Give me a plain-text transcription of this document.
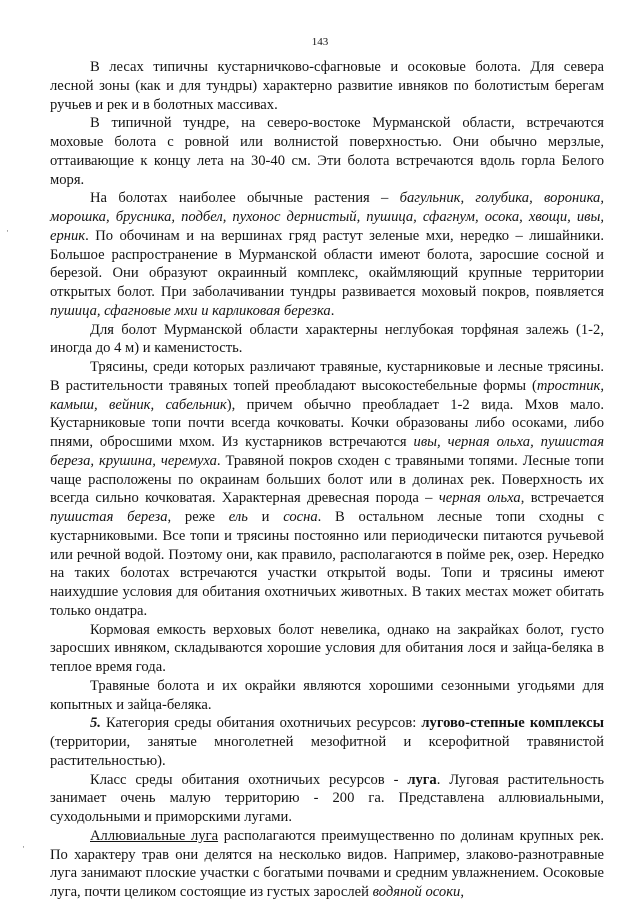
143

В лесах типичны кустарничково-сфагновые и осоковые болота. Для севера лесной зоны (как и для тундры) характерно развитие ивняков по болотистым берегам ручьев и рек и в болотных массивах.

В типичной тундре, на северо-востоке Мурманской области, встречаются моховые болота с ровной или волнистой поверхностью. Они обычно мерзлые, оттаивающие к концу лета на 30-40 см. Эти болота встречаются вдоль горла Белого моря.

На болотах наиболее обычные растения – багульник, голубика, вороника, морошка, брусника, подбел, пухонос дернистый, пушица, сфагнум, осока, хвощи, ивы, ерник. По обочинам и на вершинах гряд растут зеленые мхи, нередко – лишайники. Большое распространение в Мурманской области имеют болота, заросшие сосной и березой. Они образуют окраинный комплекс, окаймляющий крупные территории открытых болот. При заболачивании тундры развивается моховый покров, появляется пушица, сфагновые мхи и карликовая березка.

Для болот Мурманской области характерны неглубокая торфяная залежь (1-2, иногда до 4 м) и каменистость.

Трясины, среди которых различают травяные, кустарниковые и лесные трясины. В растительности травяных топей преобладают высокостебельные формы (тростник, камыш, вейник, сабельник), причем обычно преобладает 1-2 вида. Мхов мало. Кустарниковые топи почти всегда кочковаты. Кочки образованы либо осоками, либо пнями, обросшими мхом. Из кустарников встречаются ивы, черная ольха, пушистая береза, крушина, черемуха. Травяной покров сходен с травяными топями. Лесные топи чаще расположены по окраинам больших болот или в долинах рек. Поверхность их всегда сильно кочковатая. Характерная древесная порода – черная ольха, встречается пушистая береза, реже ель и сосна. В остальном лесные топи сходны с кустарниковыми. Все топи и трясины постоянно или периодически питаются ручьевой или речной водой. Поэтому они, как правило, располагаются в пойме рек, озер. Нередко на таких болотах встречаются участки открытой воды. Топи и трясины имеют наихудшие условия для обитания охотничьих животных. В таких местах может обитать только ондатра.

Кормовая емкость верховых болот невелика, однако на закрайках болот, густо заросших ивняком, складываются хорошие условия для обитания лося и зайца-беляка в теплое время года.

Травяные болота и их окрайки являются хорошими сезонными угодьями для копытных и зайца-беляка.

5. Категория среды обитания охотничьих ресурсов: лугово-степные комплексы (территории, занятые многолетней мезофитной и ксерофитной травянистой растительностью).

Класс среды обитания охотничьих ресурсов - луга. Луговая растительность занимает очень малую территорию - 200 га. Представлена аллювиальными, суходольными и приморскими лугами.

Аллювиальные луга располагаются преимущественно по долинам крупных рек. По характеру трав они делятся на несколько видов. Например, злаково-разнотравные луга занимают плоские участки с богатыми почвами и средним увлажнением. Осоковые луга, почти целиком состоящие из густых зарослей водяной осоки,

·
·
